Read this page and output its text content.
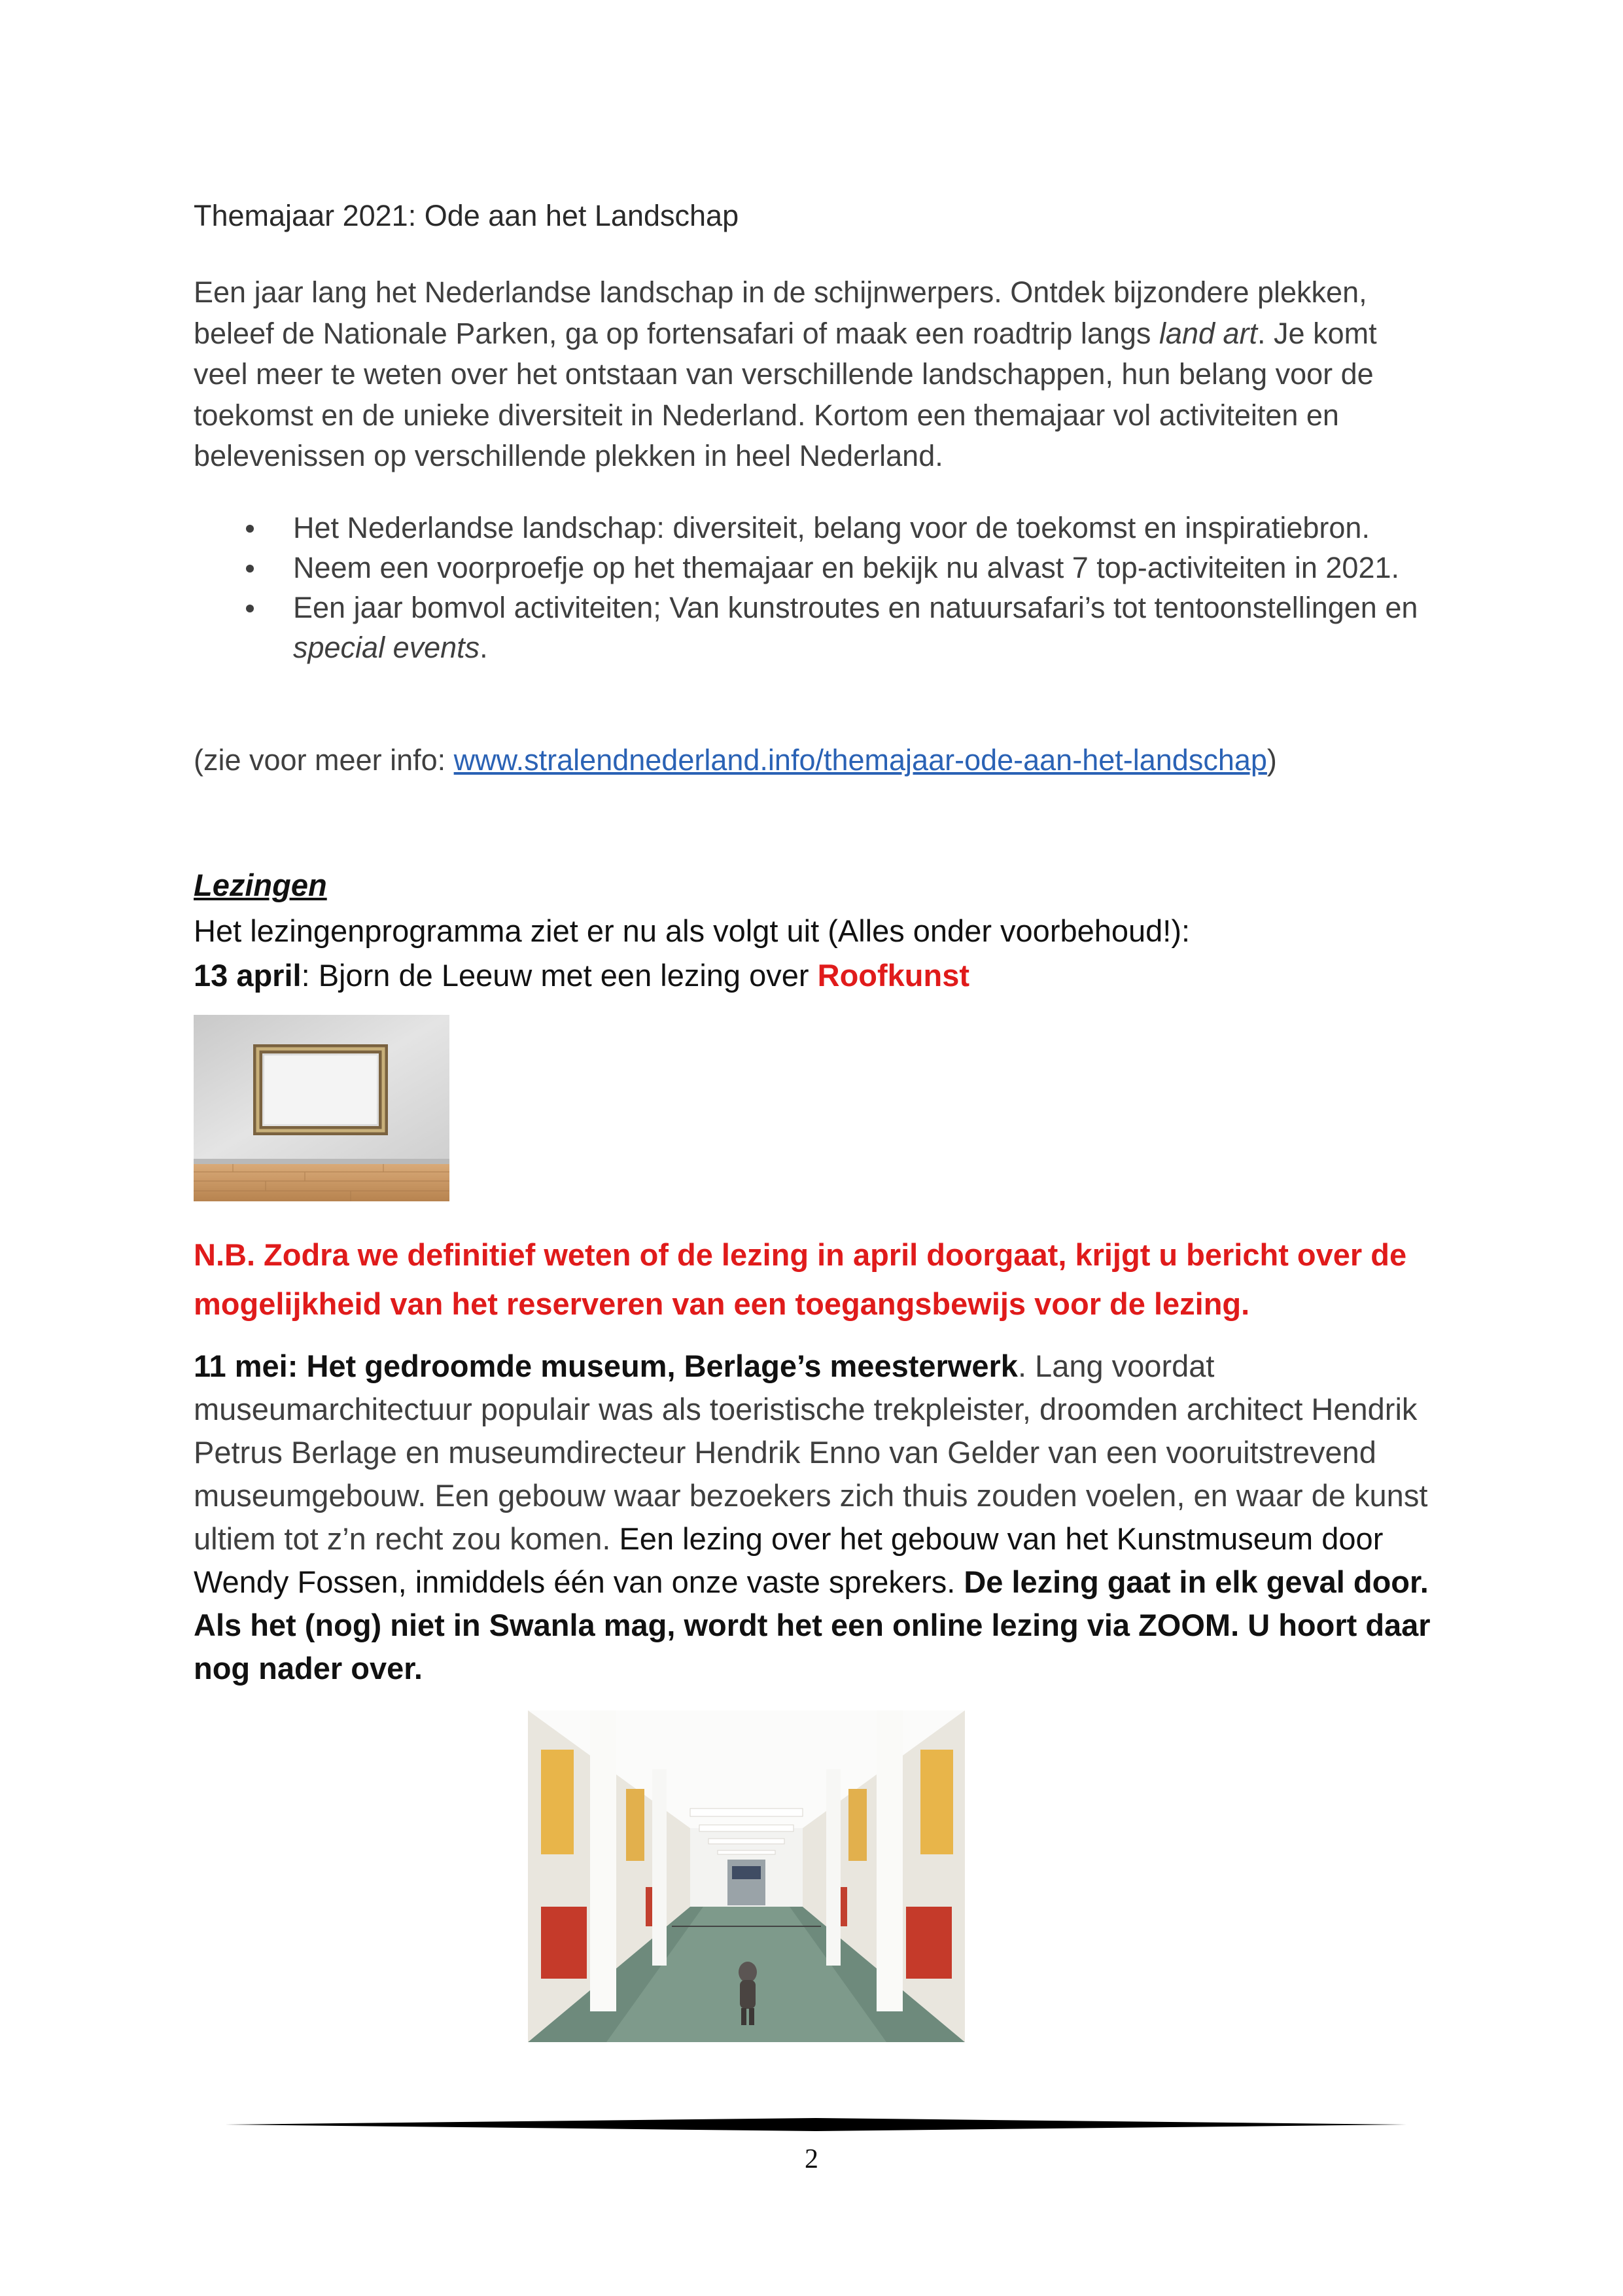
Themajaar 2021: Ode aan het Landschap

Een jaar lang het Nederlandse landschap in de schijnwerpers. Ontdek bijzondere plekken, beleef de Nationale Parken, ga op fortensafari of maak een roadtrip langs land art. Je komt veel meer te weten over het ontstaan van verschillende landschappen, hun belang voor de toekomst en de unieke diversiteit in Nederland. Kortom een themajaar vol activiteiten en belevenissen op verschillende plekken in heel Nederland.

Het Nederlandse landschap: diversiteit, belang voor de toekomst en inspiratiebron.

Neem een voorproefje op het themajaar en bekijk nu alvast 7 top-activiteiten in 2021.

Een jaar bomvol activiteiten; Van kunstroutes en natuursafari’s tot tentoonstellingen en special events.

(zie voor meer info: www.stralendnederland.info/themajaar-ode-aan-het-landschap)

Lezingen

Het lezingenprogramma ziet er nu als volgt uit (Alles onder voorbehoud!):
13 april: Bjorn de Leeuw met een lezing over Roofkunst

N.B. Zodra we definitief weten of de lezing in april doorgaat, krijgt u bericht over de mogelijkheid van het reserveren van een toegangsbewijs voor de lezing.

11 mei: Het gedroomde museum, Berlage’s meesterwerk. Lang voordat museumarchitectuur populair was als toeristische trekpleister, droomden architect Hendrik Petrus Berlage en museumdirecteur Hendrik Enno van Gelder van een vooruitstrevend museumgebouw. Een gebouw waar bezoekers zich thuis zouden voelen, en waar de kunst ultiem tot z’n recht zou komen. Een lezing over het gebouw van het Kunstmuseum door Wendy Fossen, inmiddels één van onze vaste sprekers. De lezing gaat in elk geval door. Als het (nog) niet in Swanla mag, wordt het een online lezing via ZOOM. U hoort daar nog nader over.

2
